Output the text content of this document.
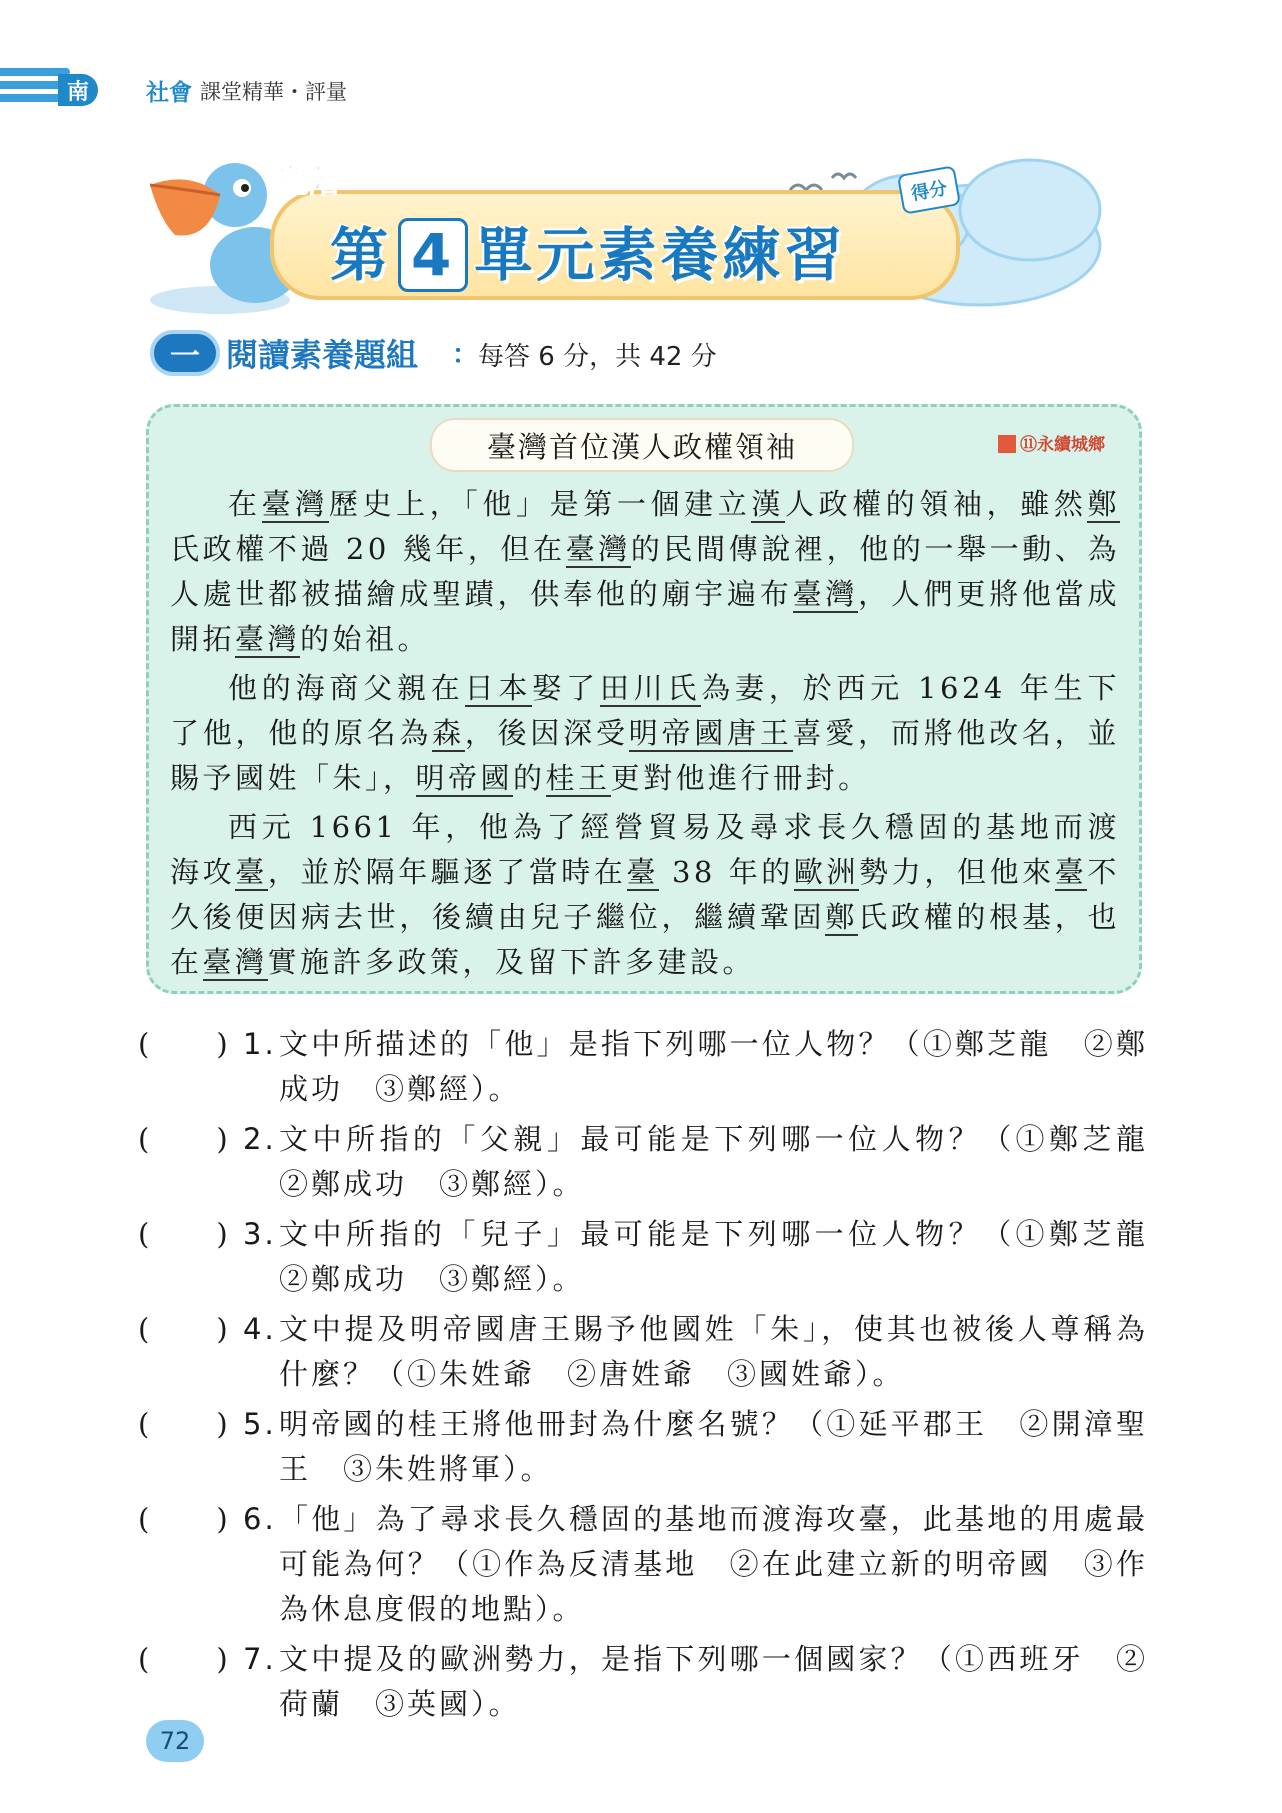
南	社會 課堂精華・評量
進階
第 4 單元素養練習
得分
一 閱讀素養題組 ： 每答 6 分，共 42 分
臺灣首位漢人政權領袖	⑪永續城鄉

在臺灣歷史上，「他」是第一個建立漢人政權的領袖，雖然鄭氏政權不過 20 幾年，但在臺灣的民間傳說裡，他的一舉一動、為人處世都被描繪成聖蹟，供奉他的廟宇遍布臺灣，人們更將他當成開拓臺灣的始祖。

他的海商父親在日本娶了田川氏為妻，於西元 1624 年生下了他，他的原名為森，後因深受明帝國唐王喜愛，而將他改名，並賜予國姓「朱」，明帝國的桂王更對他進行冊封。

西元 1661 年，他為了經營貿易及尋求長久穩固的基地而渡海攻臺，並於隔年驅逐了當時在臺 38 年的歐洲勢力，但他來臺不久後便因病去世，後續由兒子繼位，繼續鞏固鄭氏政權的根基，也在臺灣實施許多政策，及留下許多建設。

(　　) 1. 文中所描述的「他」是指下列哪一位人物？（①鄭芝龍　②鄭成功　③鄭經）。
(　　) 2. 文中所指的「父親」最可能是下列哪一位人物？（①鄭芝龍　②鄭成功　③鄭經）。
(　　) 3. 文中所指的「兒子」最可能是下列哪一位人物？（①鄭芝龍　②鄭成功　③鄭經）。
(　　) 4. 文中提及明帝國唐王賜予他國姓「朱」，使其也被後人尊稱為什麼？（①朱姓爺　②唐姓爺　③國姓爺）。
(　　) 5. 明帝國的桂王將他冊封為什麼名號？（①延平郡王　②開漳聖王　③朱姓將軍）。
(　　) 6. 「他」為了尋求長久穩固的基地而渡海攻臺，此基地的用處最可能為何？（①作為反清基地　②在此建立新的明帝國　③作為休息度假的地點）。
(　　) 7. 文中提及的歐洲勢力，是指下列哪一個國家？（①西班牙　②荷蘭　③英國）。
72
